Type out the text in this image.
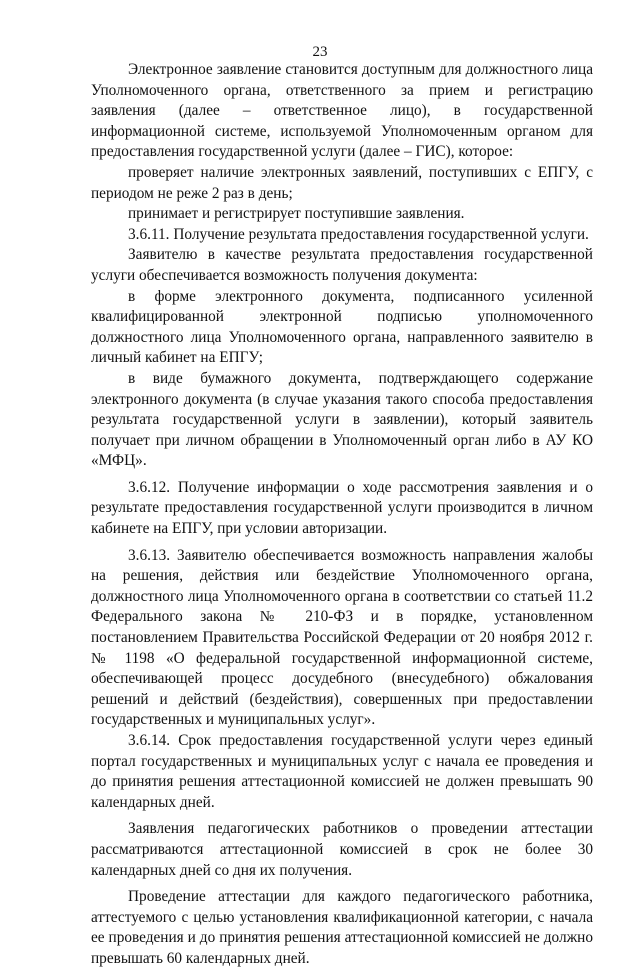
23

Электронное заявление становится доступным для должностного лица Уполномоченного органа, ответственного за прием и регистрацию заявления (далее – ответственное лицо), в государственной информационной системе, используемой Уполномоченным органом для предоставления государственной услуги (далее – ГИС), которое:

проверяет наличие электронных заявлений, поступивших с ЕПГУ, с периодом не реже 2 раз в день;

принимает и регистрирует поступившие заявления.

3.6.11. Получение результата предоставления государственной услуги.

Заявителю в качестве результата предоставления государственной услуги обеспечивается возможность получения документа:

в форме электронного документа, подписанного усиленной квалифицированной электронной подписью уполномоченного должностного лица Уполномоченного органа, направленного заявителю в личный кабинет на ЕПГУ;

в виде бумажного документа, подтверждающего содержание электронного документа (в случае указания такого способа предоставления результата государственной услуги в заявлении), который заявитель получает при личном обращении в Уполномоченный орган либо в АУ КО «МФЦ».

3.6.12. Получение информации о ходе рассмотрения заявления и о результате предоставления государственной услуги производится в личном кабинете на ЕПГУ, при условии авторизации.

3.6.13. Заявителю обеспечивается возможность направления жалобы на решения, действия или бездействие Уполномоченного органа, должностного лица Уполномоченного органа в соответствии со статьей 11.2 Федерального закона № 210-ФЗ и в порядке, установленном постановлением Правительства Российской Федерации от 20 ноября 2012 г. № 1198 «О федеральной государственной информационной системе, обеспечивающей процесс досудебного (внесудебного) обжалования решений и действий (бездействия), совершенных при предоставлении государственных и муниципальных услуг».

3.6.14. Срок предоставления государственной услуги через единый портал государственных и муниципальных услуг с начала ее проведения и до принятия решения аттестационной комиссией не должен превышать 90 календарных дней.

Заявления педагогических работников о проведении аттестации рассматриваются аттестационной комиссией в срок не более 30 календарных дней со дня их получения.

Проведение аттестации для каждого педагогического работника, аттестуемого с целью установления квалификационной категории, с начала ее проведения и до принятия решения аттестационной комиссией не должно превышать 60 календарных дней.
